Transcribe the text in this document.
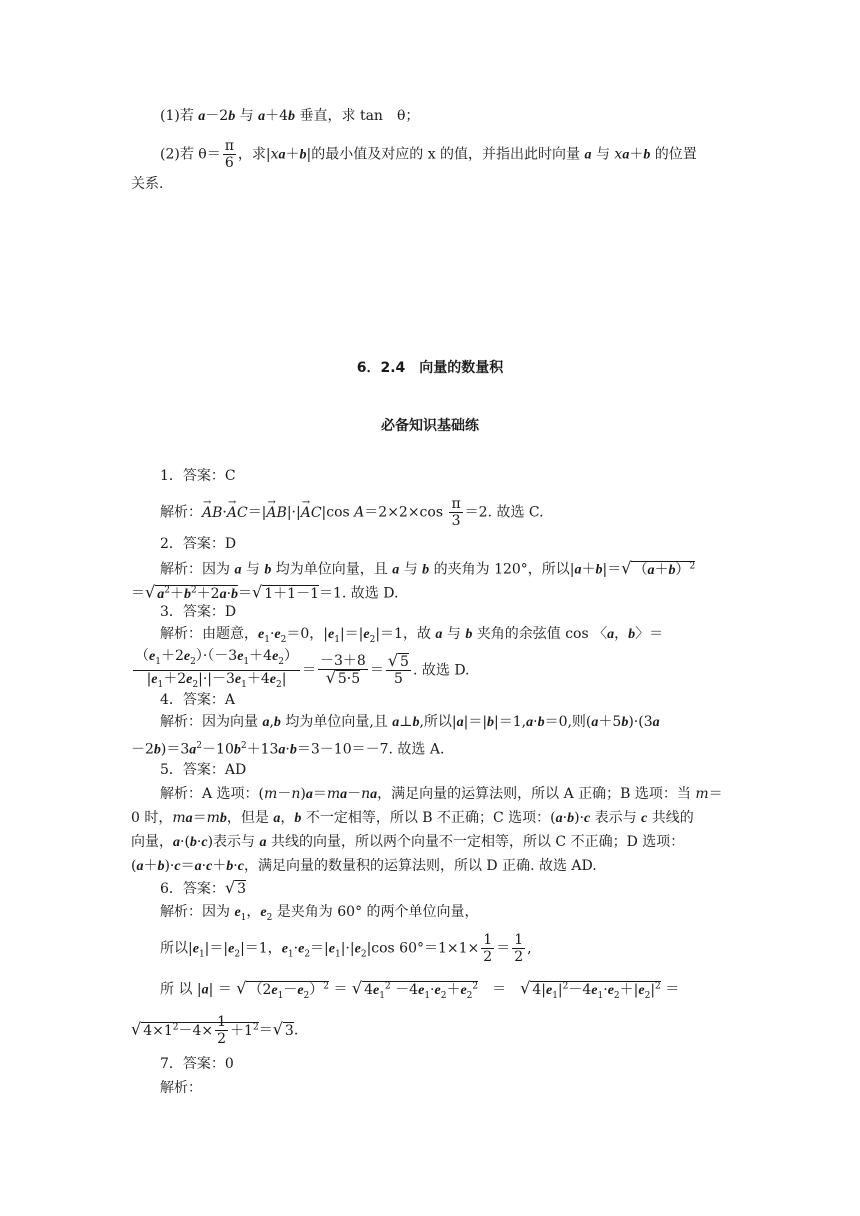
(1)若 a－2b 与 a＋4b 垂直，求 tan　θ；
(2)若 $\theta= \frac{\pi}{6}$ ，求|xa＋b|的最小值及对应的 x 的值，并指出此时向量 a 与 xa＋b 的位置
关系.
6．2.4　向量的数量积
必备知识基础练
1．答案：C
解析：→ AB·→ AC＝|→ AB|·|→ AC|cos $A=2\times 2\times\cos \frac{\pi}{3} =2$. 故选 C.
2．答案：D
解析：因为 a 与 b 均为单位向量，且 a 与 b 的夹角为 120°，所以|a＋b|＝√ $(a+b)^2$
＝√ $a^2+b^2+2a\cdot b=√$ 1＋1－1＝1. 故选 D.
3．答案：D
解析：由题意，$e_1\cdot e_2=0$，$|e_1|=|e_2|=1$，故 a 与 b 夹角的余弦值 cos 〈a，b〉＝
$\frac{(e_1+2e_2)\cdot(-3e_1+4e_2)}{|e_1+2e_2|\cdot|-3e_1+4e_2|} = \frac{-3+8}{√ 5\cdot 5} = \frac{√ 5}{5}$ . 故选 D.
4．答案：A
解析：因为向量 a,b 均为单位向量,且 a⊥b,所以|a|＝|b|＝1,a·b＝0,则(a＋5b)·(3a
$-2b)=3a^2-10b^2+13a\cdot b=3-10=-7$. 故选 A.
5．答案：AD
解析：A 选项：(m－n)a＝ma－na，满足向量的运算法则，所以 A 正确；B 选项：当 m＝
0 时，ma＝mb，但是 a，b 不一定相等，所以 B 不正确；C 选项：(a·b)·c 表示与 c 共线的
向量，a·(b·c)表示与 a 共线的向量，所以两个向量不一定相等，所以 C 不正确；D 选项：
(a＋b)·c＝a·c＋b·c，满足向量的数量积的运算法则，所以 D 正确. 故选 AD.
6．答案：√ 3
解析：因为 $e_1$，$e_2$ 是夹角为 60° 的两个单位向量，
所以$|e_1|=|e_2|=1$，$e_1\cdot e_2=|e_1|\cdot|e_2|\cos$ $60^\circ=1\times 1\times \frac{1}{2} = \frac{1}{2}$ ,
所 以 |a| ＝ √ $(2e_1-e_2)^2$ ＝ √ $4e_1^2 -4e_1\cdot e_2+e_2^2$　＝　√ $4|e_1|^2-4e_1\cdot e_2+|e_2|^2$ ＝
√ $4\times 1^2-4\times \frac{1}{2} +1^2=√$ 3.
7．答案：0
解析：
